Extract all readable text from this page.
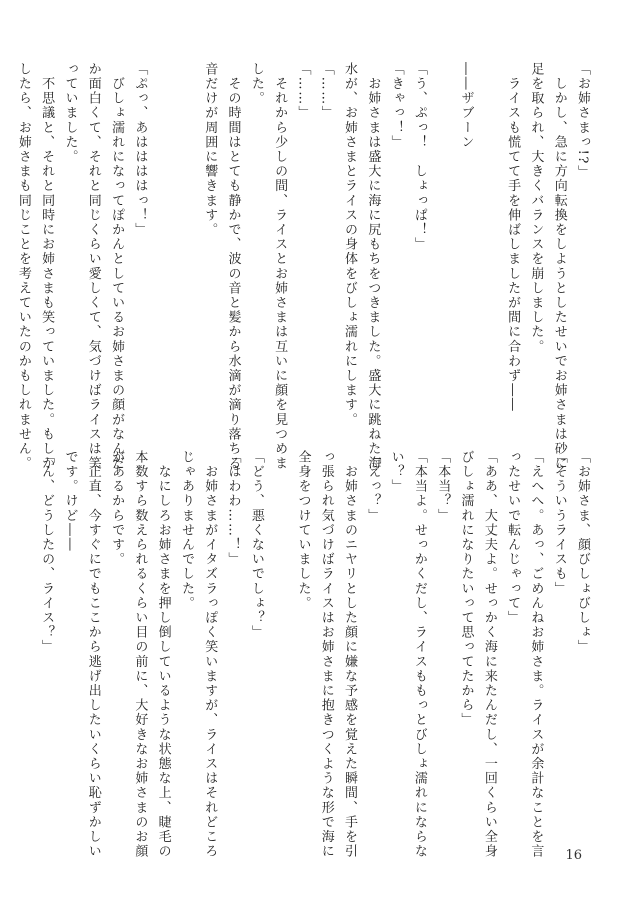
「お姉さまっ!?」
　しかし、急に方向転換をしようとしたせいでお姉さまは砂に
足を取られ、大きくバランスを崩しました。
　ライスも慌てて手を伸ばしましたが間に合わず――

――ザブーン

「う、ぷっ！　しょっぱ！」
「きゃっ！」
　お姉さまは盛大に海に尻もちをつきました。盛大に跳ねた海
水が、お姉さまとライスの身体をびしょ濡れにします。
「……」
「……」
　それから少しの間、ライスとお姉さまは互いに顔を見つめま
した。
　その時間はとても静かで、波の音と髪から水滴が滴り落ちる
音だけが周囲に響きます。

「ぷっ、あははははっ！」
　びしょ濡れになってぽかんとしているお姉さまの顔がなんだ
か面白くて、それと同じくらい愛しくて、気づけばライスは笑
っていました。
　不思議と、それと同時にお姉さまも笑っていました。もしか
したら、お姉さまも同じことを考えていたのかもしれません。
「お姉さま、顔びしょびしょ」
「そういうライスも」
「えへへ。あっ、ごめんねお姉さま。ライスが余計なことを言
ったせいで転んじゃって」
「ああ、大丈夫よ。せっかく海に来たんだし、一回くらい全身
びしょ濡れになりたいって思ってたから」
「本当？」
「本当よ。せっかくだし、ライスももっとびしょ濡れにならな
い？」
「えっ？」
　お姉さまのニヤリとした顔に嫌な予感を覚えた瞬間、手を引
っ張られ気づけばライスはお姉さまに抱きつくような形で海に
全身をつけていました。

「どう、悪くないでしょ？」
「はわわ……！」
　お姉さまがイタズラっぽく笑いますが、ライスはそれどころ
じゃありませんでした。
　なにしろお姉さまを押し倒しているような状態な上、睫毛の
本数すら数えられるくらい目の前に、大好きなお姉さまのお顔
があるからです。
　正直、今すぐにでもここから逃げ出したいくらい恥ずかしい
です。けど――
「ん、どうしたの、ライス？」
16
